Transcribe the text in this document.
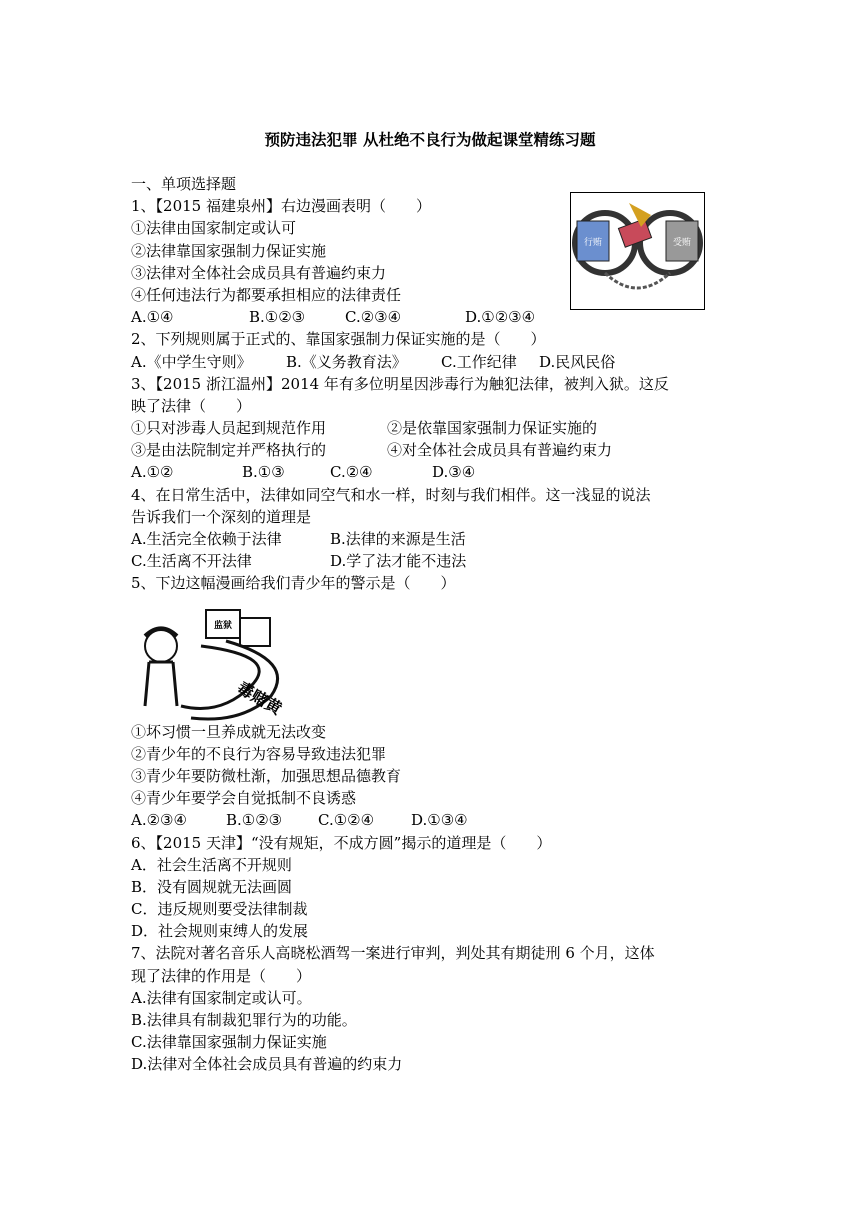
预防违法犯罪 从杜绝不良行为做起课堂精练习题
行贿	受贿
监狱
毒赌黄
一、单项选择题
1、【2015 福建泉州】右边漫画表明（　　）
①法律由国家制定或认可
②法律靠国家强制力保证实施
③法律对全体社会成员具有普遍约束力
④任何违法行为都要承担相应的法律责任
A.①④	B.①②③	C.②③④	D.①②③④
2、下列规则属于正式的、靠国家强制力保证实施的是（　　）
A.《中学生守则》 B.《义务教育法》 C.工作纪律 D.民风民俗
3、【2015 浙江温州】2014 年有多位明星因涉毒行为触犯法律，被判入狱。这反
映了法律（　　）
①只对涉毒人员起到规范作用	②是依靠国家强制力保证实施的
③是由法院制定并严格执行的	④对全体社会成员具有普遍约束力
A.①②	B.①③	C.②④	D.③④
4、在日常生活中，法律如同空气和水一样，时刻与我们相伴。这一浅显的说法
告诉我们一个深刻的道理是
A.生活完全依赖于法律	B.法律的来源是生活
C.生活离不开法律	D.学了法才能不违法
5、下边这幅漫画给我们青少年的警示是（　　）
①坏习惯一旦养成就无法改变
②青少年的不良行为容易导致违法犯罪
③青少年要防微杜渐，加强思想品德教育
④青少年要学会自觉抵制不良诱惑
A.②③④	B.①②③ C.①②④ D.①③④
6、【2015 天津】“没有规矩，不成方圆”揭示的道理是（　　）
A．社会生活离不开规则
B．没有圆规就无法画圆
C．违反规则要受法律制裁
D．社会规则束缚人的发展
7、法院对著名音乐人高晓松酒驾一案进行审判，判处其有期徒刑 6 个月，这体
现了法律的作用是（　　）
A.法律有国家制定或认可。
B.法律具有制裁犯罪行为的功能。
C.法律靠国家强制力保证实施
D.法律对全体社会成员具有普遍的约束力
